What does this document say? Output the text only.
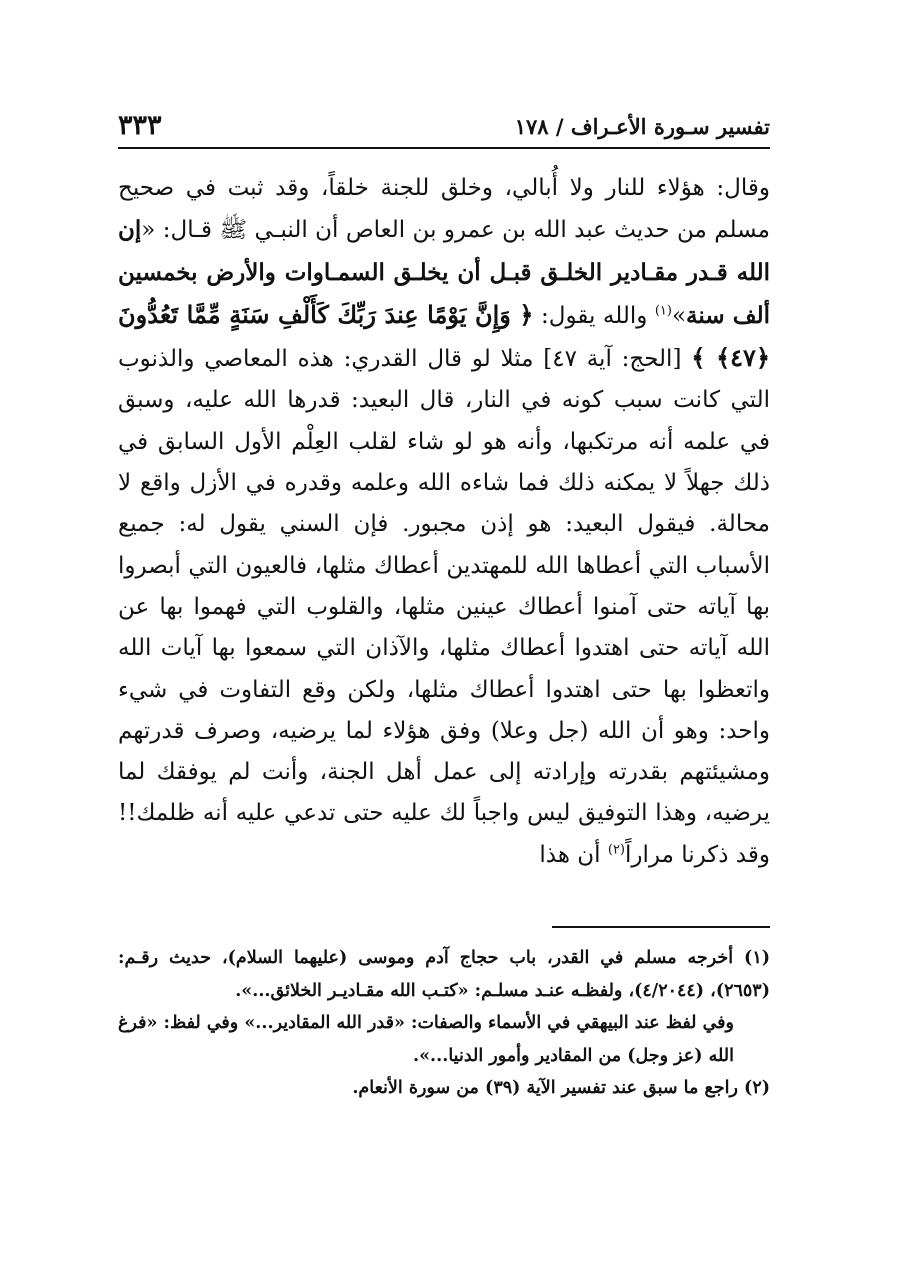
تفسير سـورة الأعـراف / ١٧٨
٣٣٣

وقال: هؤلاء للنار ولا أُبالي، وخلق للجنة خلقاً، وقد ثبت في صحيح مسلم من حديث عبد الله بن عمرو بن العاص أن النبـي ﷺ قـال: «إن الله قـدر مقـادير الخلـق قبـل أن يخلـق السمـاوات والأرض بخمسين ألف سنة»$^{(١)}$ والله يقول: ﴿ وَإِنَّ يَوْمًا عِندَ رَبِّكَ كَأَلْفِ سَنَةٍ مِّمَّا تَعُدُّونَ ﴿٤٧﴾ ﴾ [الحج: آية ٤٧] مثلا لو قال القدري: هذه المعاصي والذنوب التي كانت سبب كونه في النار، قال البعيد: قدرها الله عليه، وسبق في علمه أنه مرتكبها، وأنه هو لو شاء لقلب العِلْم الأول السابق في ذلك جهلاً لا يمكنه ذلك فما شاءه الله وعلمه وقدره في الأزل واقع لا محالة. فيقول البعيد: هو إذن مجبور. فإن السني يقول له: جميع الأسباب التي أعطاها الله للمهتدين أعطاك مثلها، فالعيون التي أبصروا بها آياته حتى آمنوا أعطاك عينين مثلها، والقلوب التي فهموا بها عن الله آياته حتى اهتدوا أعطاك مثلها، والآذان التي سمعوا بها آيات الله واتعظوا بها حتى اهتدوا أعطاك مثلها، ولكن وقع التفاوت في شيء واحد: وهو أن الله (جل وعلا) وفق هؤلاء لما يرضيه، وصرف قدرتهم ومشيئتهم بقدرته وإرادته إلى عمل أهل الجنة، وأنت لم يوفقك لما يرضيه، وهذا التوفيق ليس واجباً لك عليه حتى تدعي عليه أنه ظلمك!! وقد ذكرنا مراراً$^{(٢)}$ أن هذا

(١) أخرجه مسلم في القدر، باب حجاج آدم وموسى (عليهما السلام)، حديث رقـم: (٢٦٥٣)، (٤/٢٠٤٤)، ولفظـه عنـد مسلـم: «كتـب الله مقـاديـر الخلائق...».

وفي لفظ عند البيهقي في الأسماء والصفات: «قدر الله المقادير...» وفي لفظ: «فرغ الله (عز وجل) من المقادير وأمور الدنيا...».

(٢) راجع ما سبق عند تفسير الآية (٣٩) من سورة الأنعام.
